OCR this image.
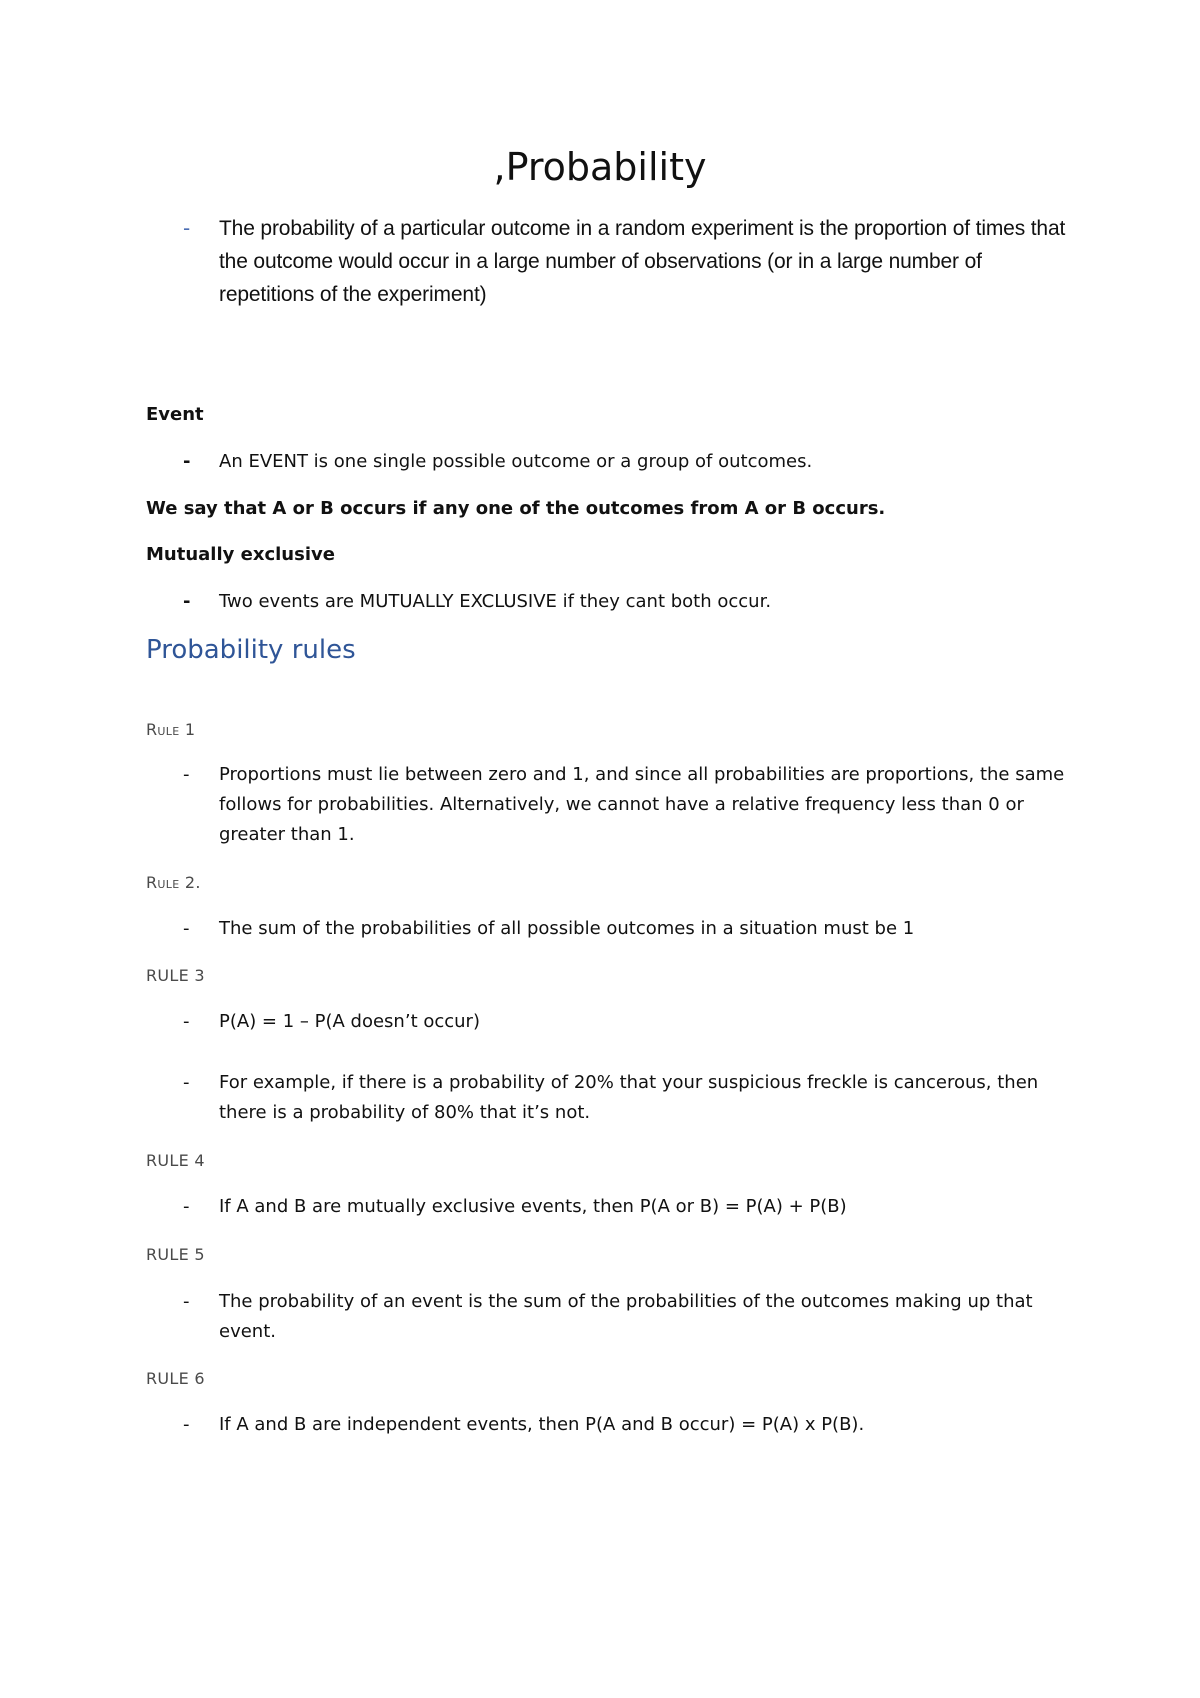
,Probability
- The probability of a particular outcome in a random experiment is the proportion of times that the outcome would occur in a large number of observations (or in a large number of repetitions of the experiment)
Event
- An EVENT is one single possible outcome or a group of outcomes.
We say that A or B occurs if any one of the outcomes from A or B occurs.
Mutually exclusive
- Two events are MUTUALLY EXCLUSIVE if they cant both occur.
Probability rules
Rule 1
- Proportions must lie between zero and 1, and since all probabilities are proportions, the same follows for probabilities. Alternatively, we cannot have a relative frequency less than 0 or greater than 1.
Rule 2.
- The sum of the probabilities of all possible outcomes in a situation must be 1
RULE 3
- P(A) = 1 – P(A doesn’t occur)
- For example, if there is a probability of 20% that your suspicious freckle is cancerous, then there is a probability of 80% that it’s not.
RULE 4
- If A and B are mutually exclusive events, then P(A or B) = P(A) + P(B)
RULE 5
- The probability of an event is the sum of the probabilities of the outcomes making up that event.
RULE 6
- If A and B are independent events, then P(A and B occur) = P(A) x P(B).
